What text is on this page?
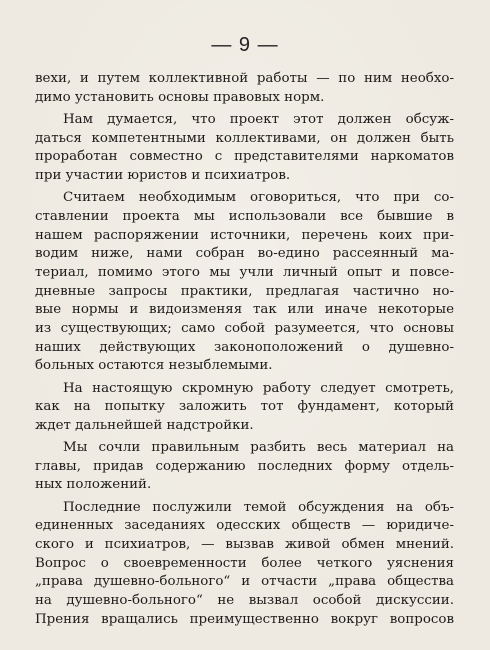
— 9 —
вехи, и путем коллективной работы — по ним необхо-
димо установить основы правовых норм.
Нам думается, что проект этот должен обсуж-
даться компетентными коллективами, он должен быть
проработан совместно с представителями наркоматов
при участии юристов и психиатров.
Считаем необходимым оговориться, что при со-
ставлении проекта мы использовали все бывшие в
нашем распоряжении источники, перечень коих при-
водим ниже, нами собран во-едино рассеянный ма-
териал, помимо этого мы учли личный опыт и повсе-
дневные запросы практики, предлагая частично но-
вые нормы и видоизменяя так или иначе некоторые
из существующих; само собой разумеется, что основы
наших действующих законоположений о душевно-
больных остаются незыблемыми.
На настоящую скромную работу следует смотреть,
как на попытку заложить тот фундамент, который
ждет дальнейшей надстройки.
Мы сочли правильным разбить весь материал на
главы, придав содержанию последних форму отдель-
ных положений.
Последние послужили темой обсуждения на объ-
единенных заседаниях одесских обществ — юридиче-
ского и психиатров, — вызвав живой обмен мнений.
Вопрос о своевременности более четкого уяснения
„права душевно-больного“ и отчасти „права общества
на душевно-больного“ не вызвал особой дискуссии.
Прения вращались преимущественно вокруг вопросов
